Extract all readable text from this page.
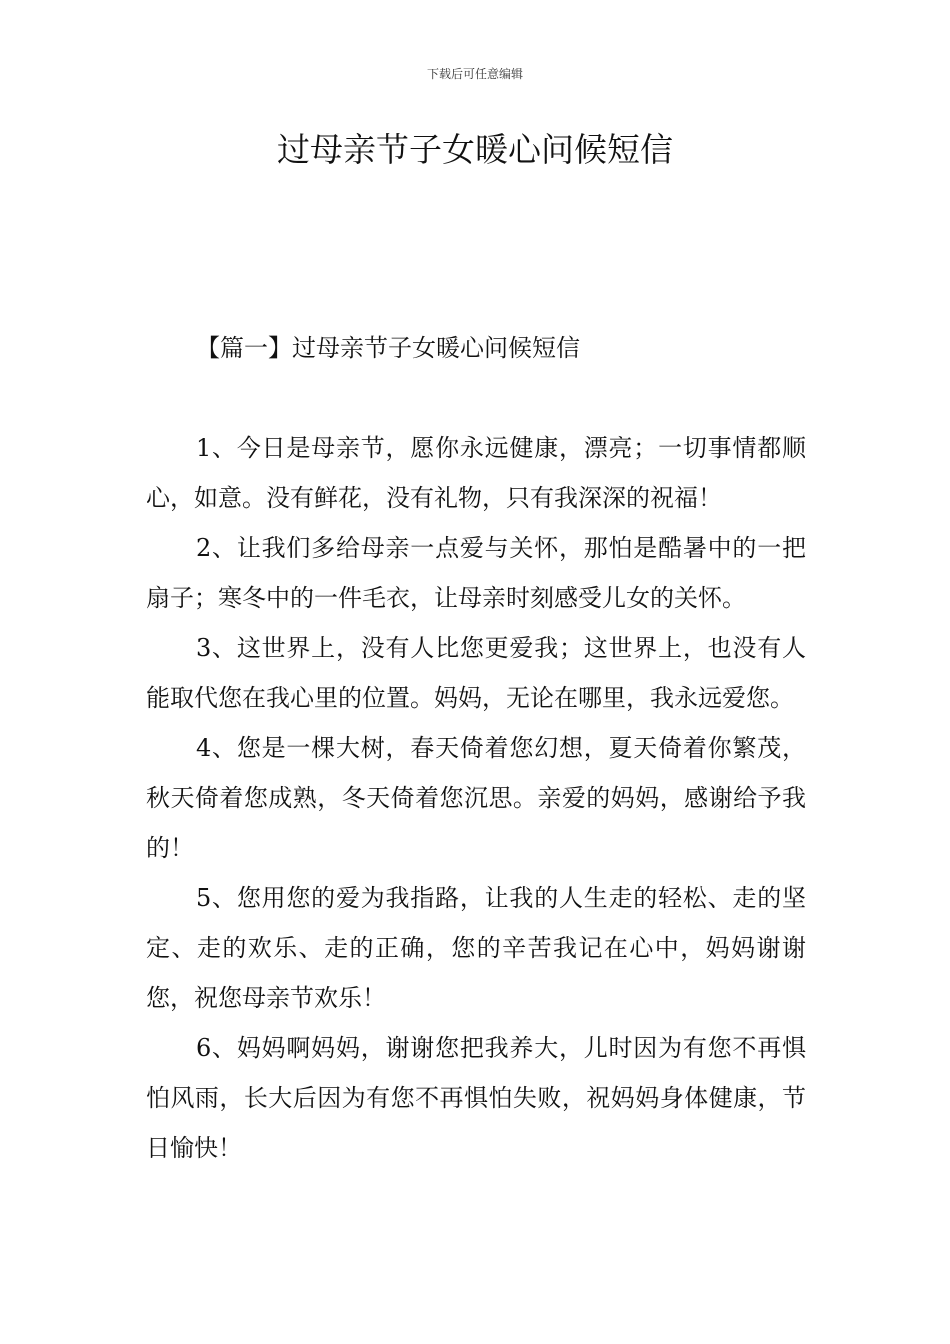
下载后可任意编辑
过母亲节子女暖心问候短信
【篇一】过母亲节子女暖心问候短信

1、今日是母亲节，愿你永远健康，漂亮；一切事情都顺心，如意。没有鲜花，没有礼物，只有我深深的祝福！

2、让我们多给母亲一点爱与关怀，那怕是酷暑中的一把扇子；寒冬中的一件毛衣，让母亲时刻感受儿女的关怀。

3、这世界上，没有人比您更爱我；这世界上，也没有人能取代您在我心里的位置。妈妈，无论在哪里，我永远爱您。

4、您是一棵大树，春天倚着您幻想，夏天倚着你繁茂，秋天倚着您成熟，冬天倚着您沉思。亲爱的妈妈，感谢给予我的！

5、您用您的爱为我指路，让我的人生走的轻松、走的坚定、走的欢乐、走的正确，您的辛苦我记在心中，妈妈谢谢您，祝您母亲节欢乐！

6、妈妈啊妈妈，谢谢您把我养大，儿时因为有您不再惧怕风雨，长大后因为有您不再惧怕失败，祝妈妈身体健康，节日愉快！
